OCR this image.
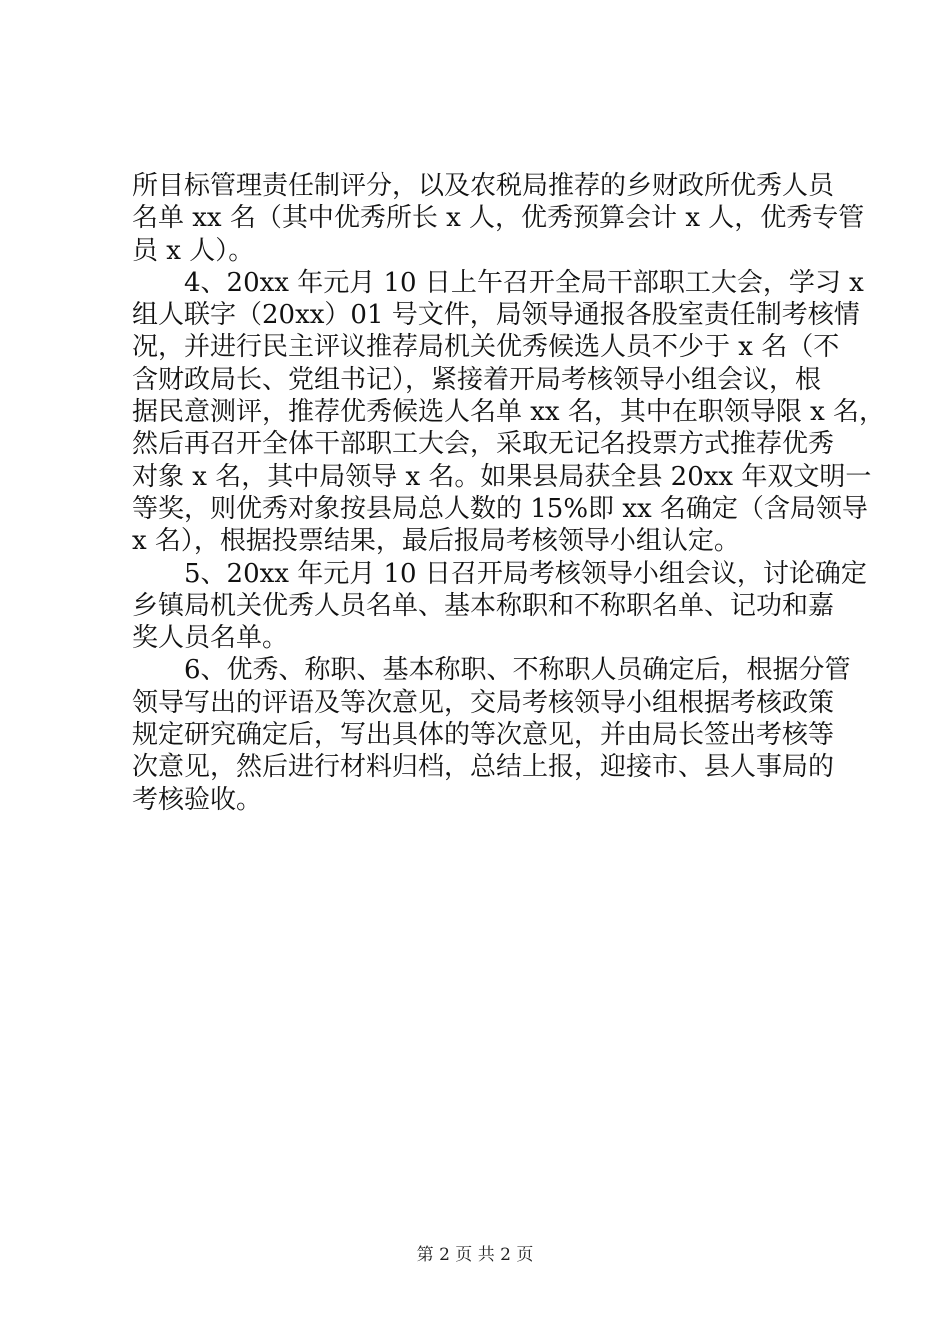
所目标管理责任制评分，以及农税局推荐的乡财政所优秀人员
名单 xx 名（其中优秀所长 x 人，优秀预算会计 x 人，优秀专管
员 x 人）。
4、20xx 年元月 10 日上午召开全局干部职工大会，学习 x
组人联字（20xx）01 号文件，局领导通报各股室责任制考核情
况，并进行民主评议推荐局机关优秀候选人员不少于 x 名（不
含财政局长、党组书记），紧接着开局考核领导小组会议，根
据民意测评，推荐优秀候选人名单 xx 名，其中在职领导限 x 名，
然后再召开全体干部职工大会，采取无记名投票方式推荐优秀
对象 x 名，其中局领导 x 名。如果县局获全县 20xx 年双文明一
等奖，则优秀对象按县局总人数的 15%即 xx 名确定（含局领导
x 名），根据投票结果，最后报局考核领导小组认定。
5、20xx 年元月 10 日召开局考核领导小组会议，讨论确定
乡镇局机关优秀人员名单、基本称职和不称职名单、记功和嘉
奖人员名单。
6、优秀、称职、基本称职、不称职人员确定后，根据分管
领导写出的评语及等次意见，交局考核领导小组根据考核政策
规定研究确定后，写出具体的等次意见，并由局长签出考核等
次意见，然后进行材料归档，总结上报，迎接市、县人事局的
考核验收。
第 2 页 共 2 页
